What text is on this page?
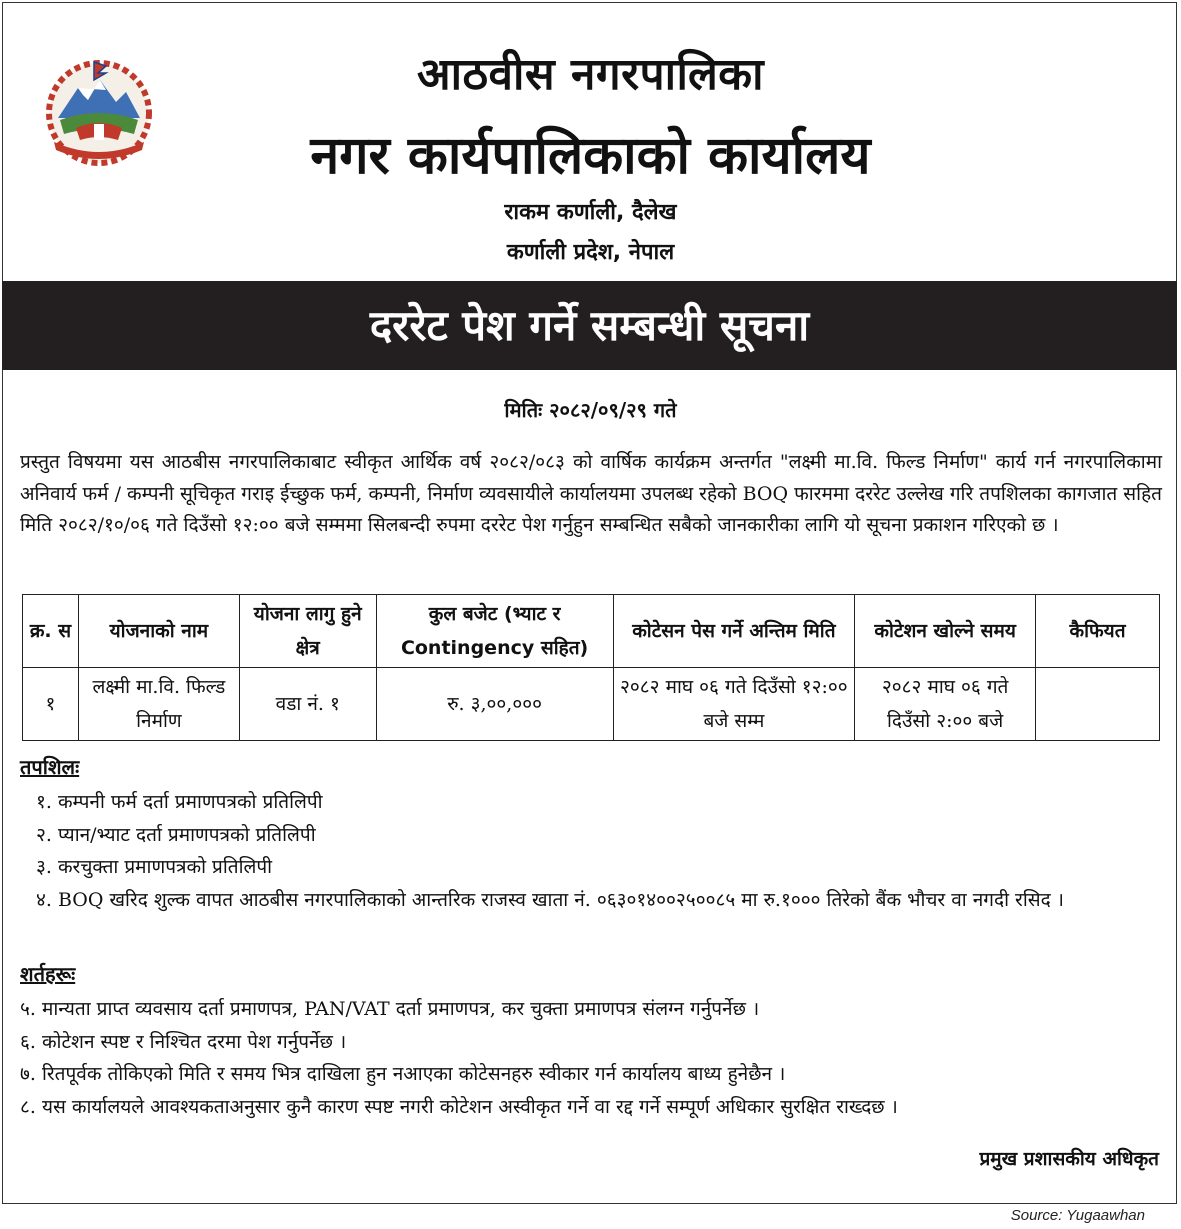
आठवीस नगरपालिका
नगर कार्यपालिकाको कार्यालय
राकम कर्णाली, दैलेख
कर्णाली प्रदेश, नेपाल
दररेट पेश गर्ने सम्बन्धी सूचना
मितिः २०८२/०९/२९ गते

प्रस्तुत विषयमा यस आठबीस नगरपालिकाबाट स्वीकृत आर्थिक वर्ष २०८२/०८३ को वार्षिक कार्यक्रम अन्तर्गत "लक्ष्मी मा.वि. फिल्ड निर्माण" कार्य गर्न नगरपालिकामा अनिवार्य फर्म / कम्पनी सूचिकृत गराइ ईच्छुक फर्म, कम्पनी, निर्माण व्यवसायीले कार्यालयमा उपलब्ध रहेको BOQ फारममा दररेट उल्लेख गरि तपशिलका कागजात सहित मिति २०८२/१०/०६ गते दिउँसो १२:०० बजे सम्ममा सिलबन्दी रुपमा दररेट पेश गर्नुहुन सम्बन्धित सबैको जानकारीका लागि यो सूचना प्रकाशन गरिएको छ ।

क्र. स	योजनाको नाम	योजना लागु हुने क्षेत्र	कुल बजेट (भ्याट र Contingency सहित)	कोटेसन पेस गर्ने अन्तिम मिति	कोटेशन खोल्ने समय	कैफियत
१	लक्ष्मी मा.वि. फिल्ड निर्माण	वडा नं. १	रु. ३,००,०००	२०८२ माघ ०६ गते दिउँसो १२:०० बजे सम्म	२०८२ माघ ०६ गते दिउँसो २:०० बजे	
तपशिलः
१. कम्पनी फर्म दर्ता प्रमाणपत्रको प्रतिलिपी
२. प्यान/भ्याट दर्ता प्रमाणपत्रको प्रतिलिपी
३. करचुक्ता प्रमाणपत्रको प्रतिलिपी
४. BOQ खरिद शुल्क वापत आठबीस नगरपालिकाको आन्तरिक राजस्व खाता नं. ०६३०१४००२५००८५ मा रु.१००० तिरेको बैंक भौचर वा नगदी रसिद ।
शर्तहरूः
५. मान्यता प्राप्त व्यवसाय दर्ता प्रमाणपत्र, PAN/VAT दर्ता प्रमाणपत्र, कर चुक्ता प्रमाणपत्र संलग्न गर्नुपर्नेछ ।
६. कोटेशन स्पष्ट र निश्चित दरमा पेश गर्नुपर्नेछ ।
७. रितपूर्वक तोकिएको मिति र समय भित्र दाखिला हुन नआएका कोटेसनहरु स्वीकार गर्न कार्यालय बाध्य हुनेछैन ।
८. यस कार्यालयले आवश्यकताअनुसार कुनै कारण स्पष्ट नगरी कोटेशन अस्वीकृत गर्ने वा रद्द गर्ने सम्पूर्ण अधिकार सुरक्षित राख्दछ ।
प्रमुख प्रशासकीय अधिकृत
Source: Yugaawhan
